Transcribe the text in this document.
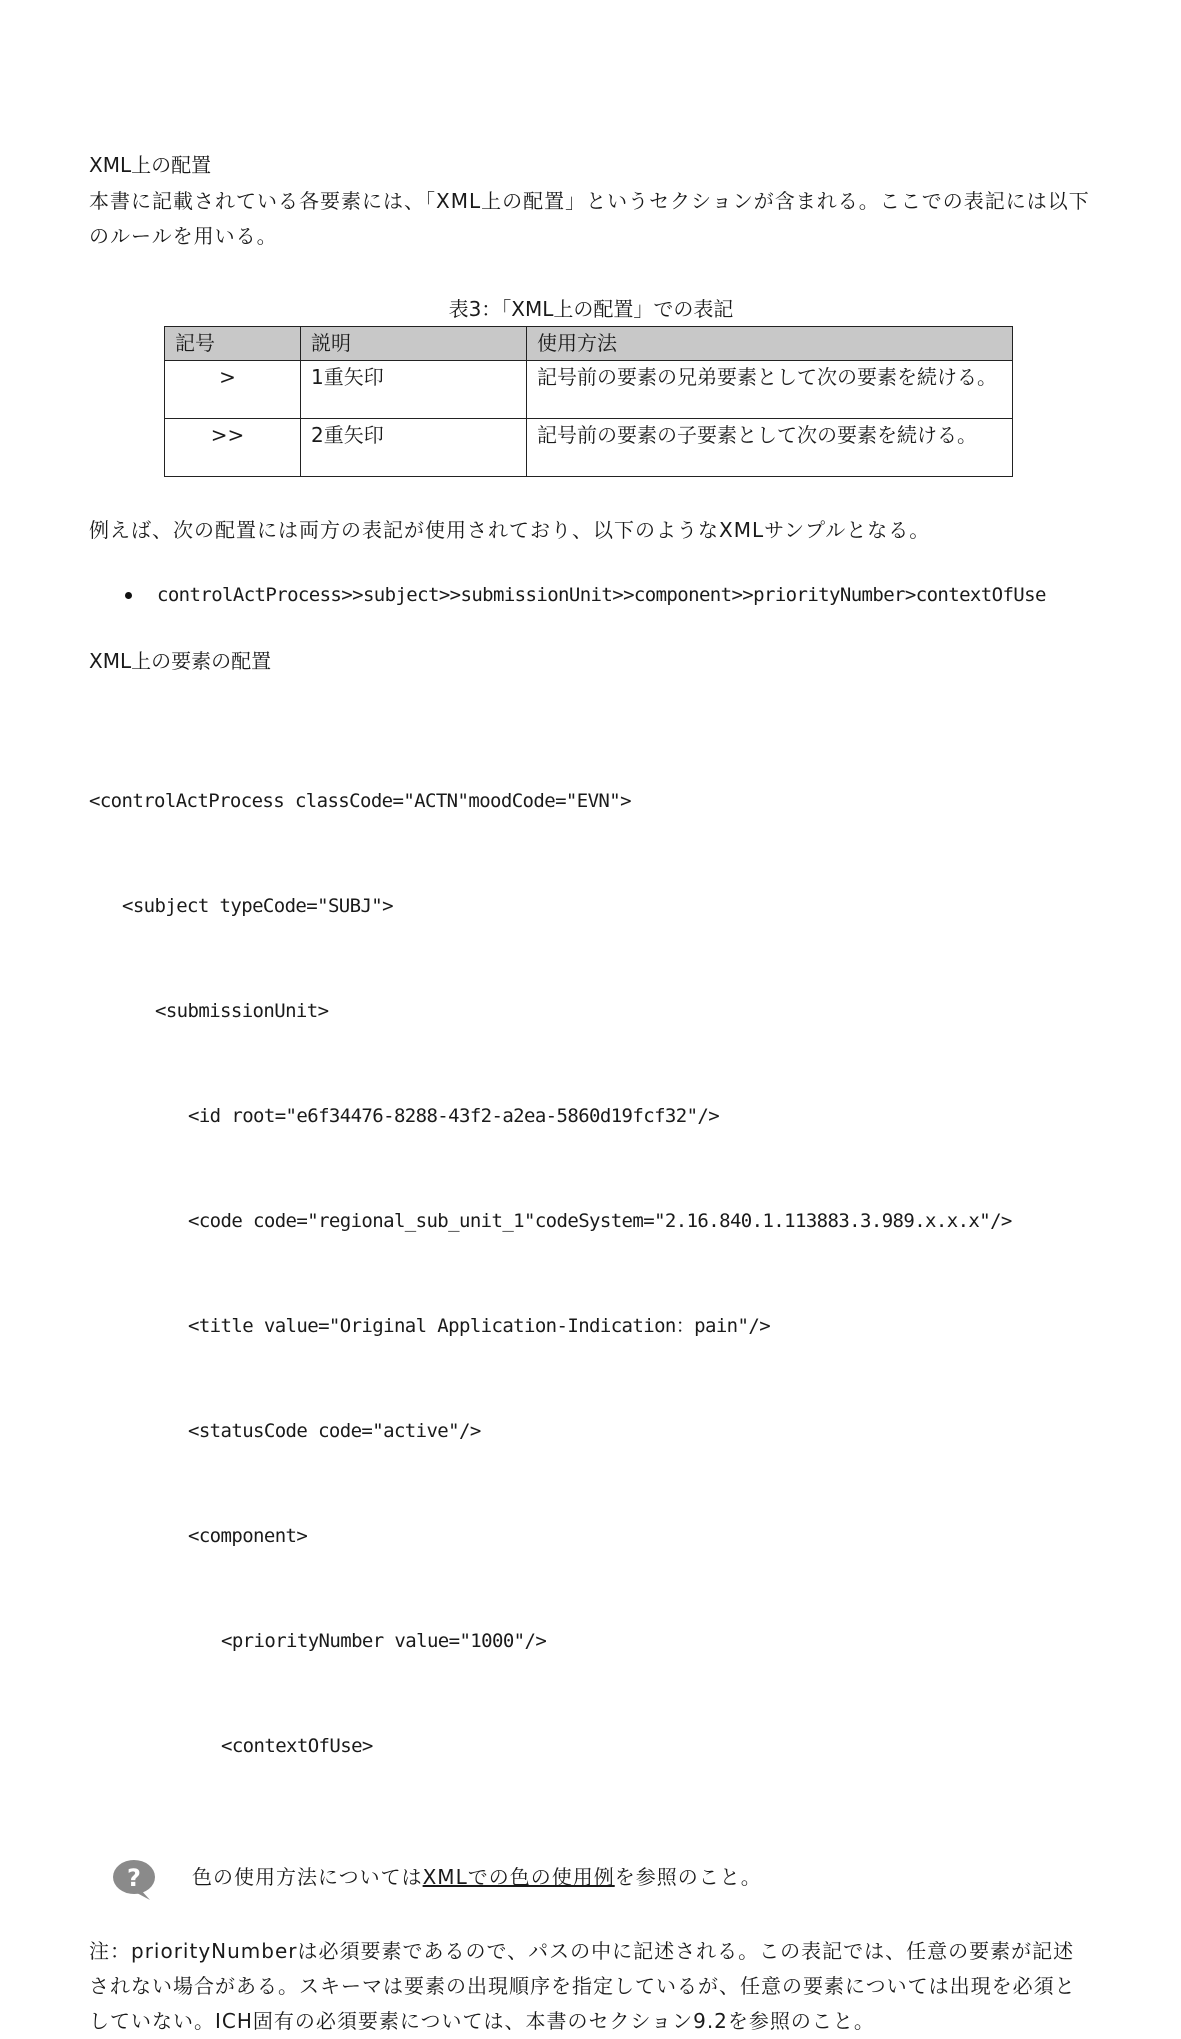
XML上の配置

本書に記載されている各要素には、「XML上の配置」というセクションが含まれる。ここでの表記には以下のルールを用いる。

表3：「XML上の配置」での表記
記号	説明	使用方法
>	1重矢印	記号前の要素の兄弟要素として次の要素を続ける。
>>	2重矢印	記号前の要素の子要素として次の要素を続ける。

例えば、次の配置には両方の表記が使用されており、以下のようなXMLサンプルとなる。

controlActProcess>>subject>>submissionUnit>>component>>priorityNumber>contextOfUse

XML上の要素の配置

<controlActProcess classCode="ACTN"moodCode="EVN">

<subject typeCode="SUBJ">

<submissionUnit>

<id root="e6f34476-8288-43f2-a2ea-5860d19fcf32"/>

<code code="regional_sub_unit_1"codeSystem="2.16.840.1.113883.3.989.x.x.x"/>

<title value="Original Application-Indication：pain"/>

<statusCode code="active"/>

<component>

<priorityNumber value="1000"/>

<contextOfUse>

?	色の使用方法についてはXMLでの色の使用例を参照のこと。

注：priorityNumberは必須要素であるので、パスの中に記述される。この表記では、任意の要素が記述されない場合がある。スキーマは要素の出現順序を指定しているが、任意の要素については出現を必須としていない。ICH固有の必須要素については、本書のセクション9.2を参照のこと。
